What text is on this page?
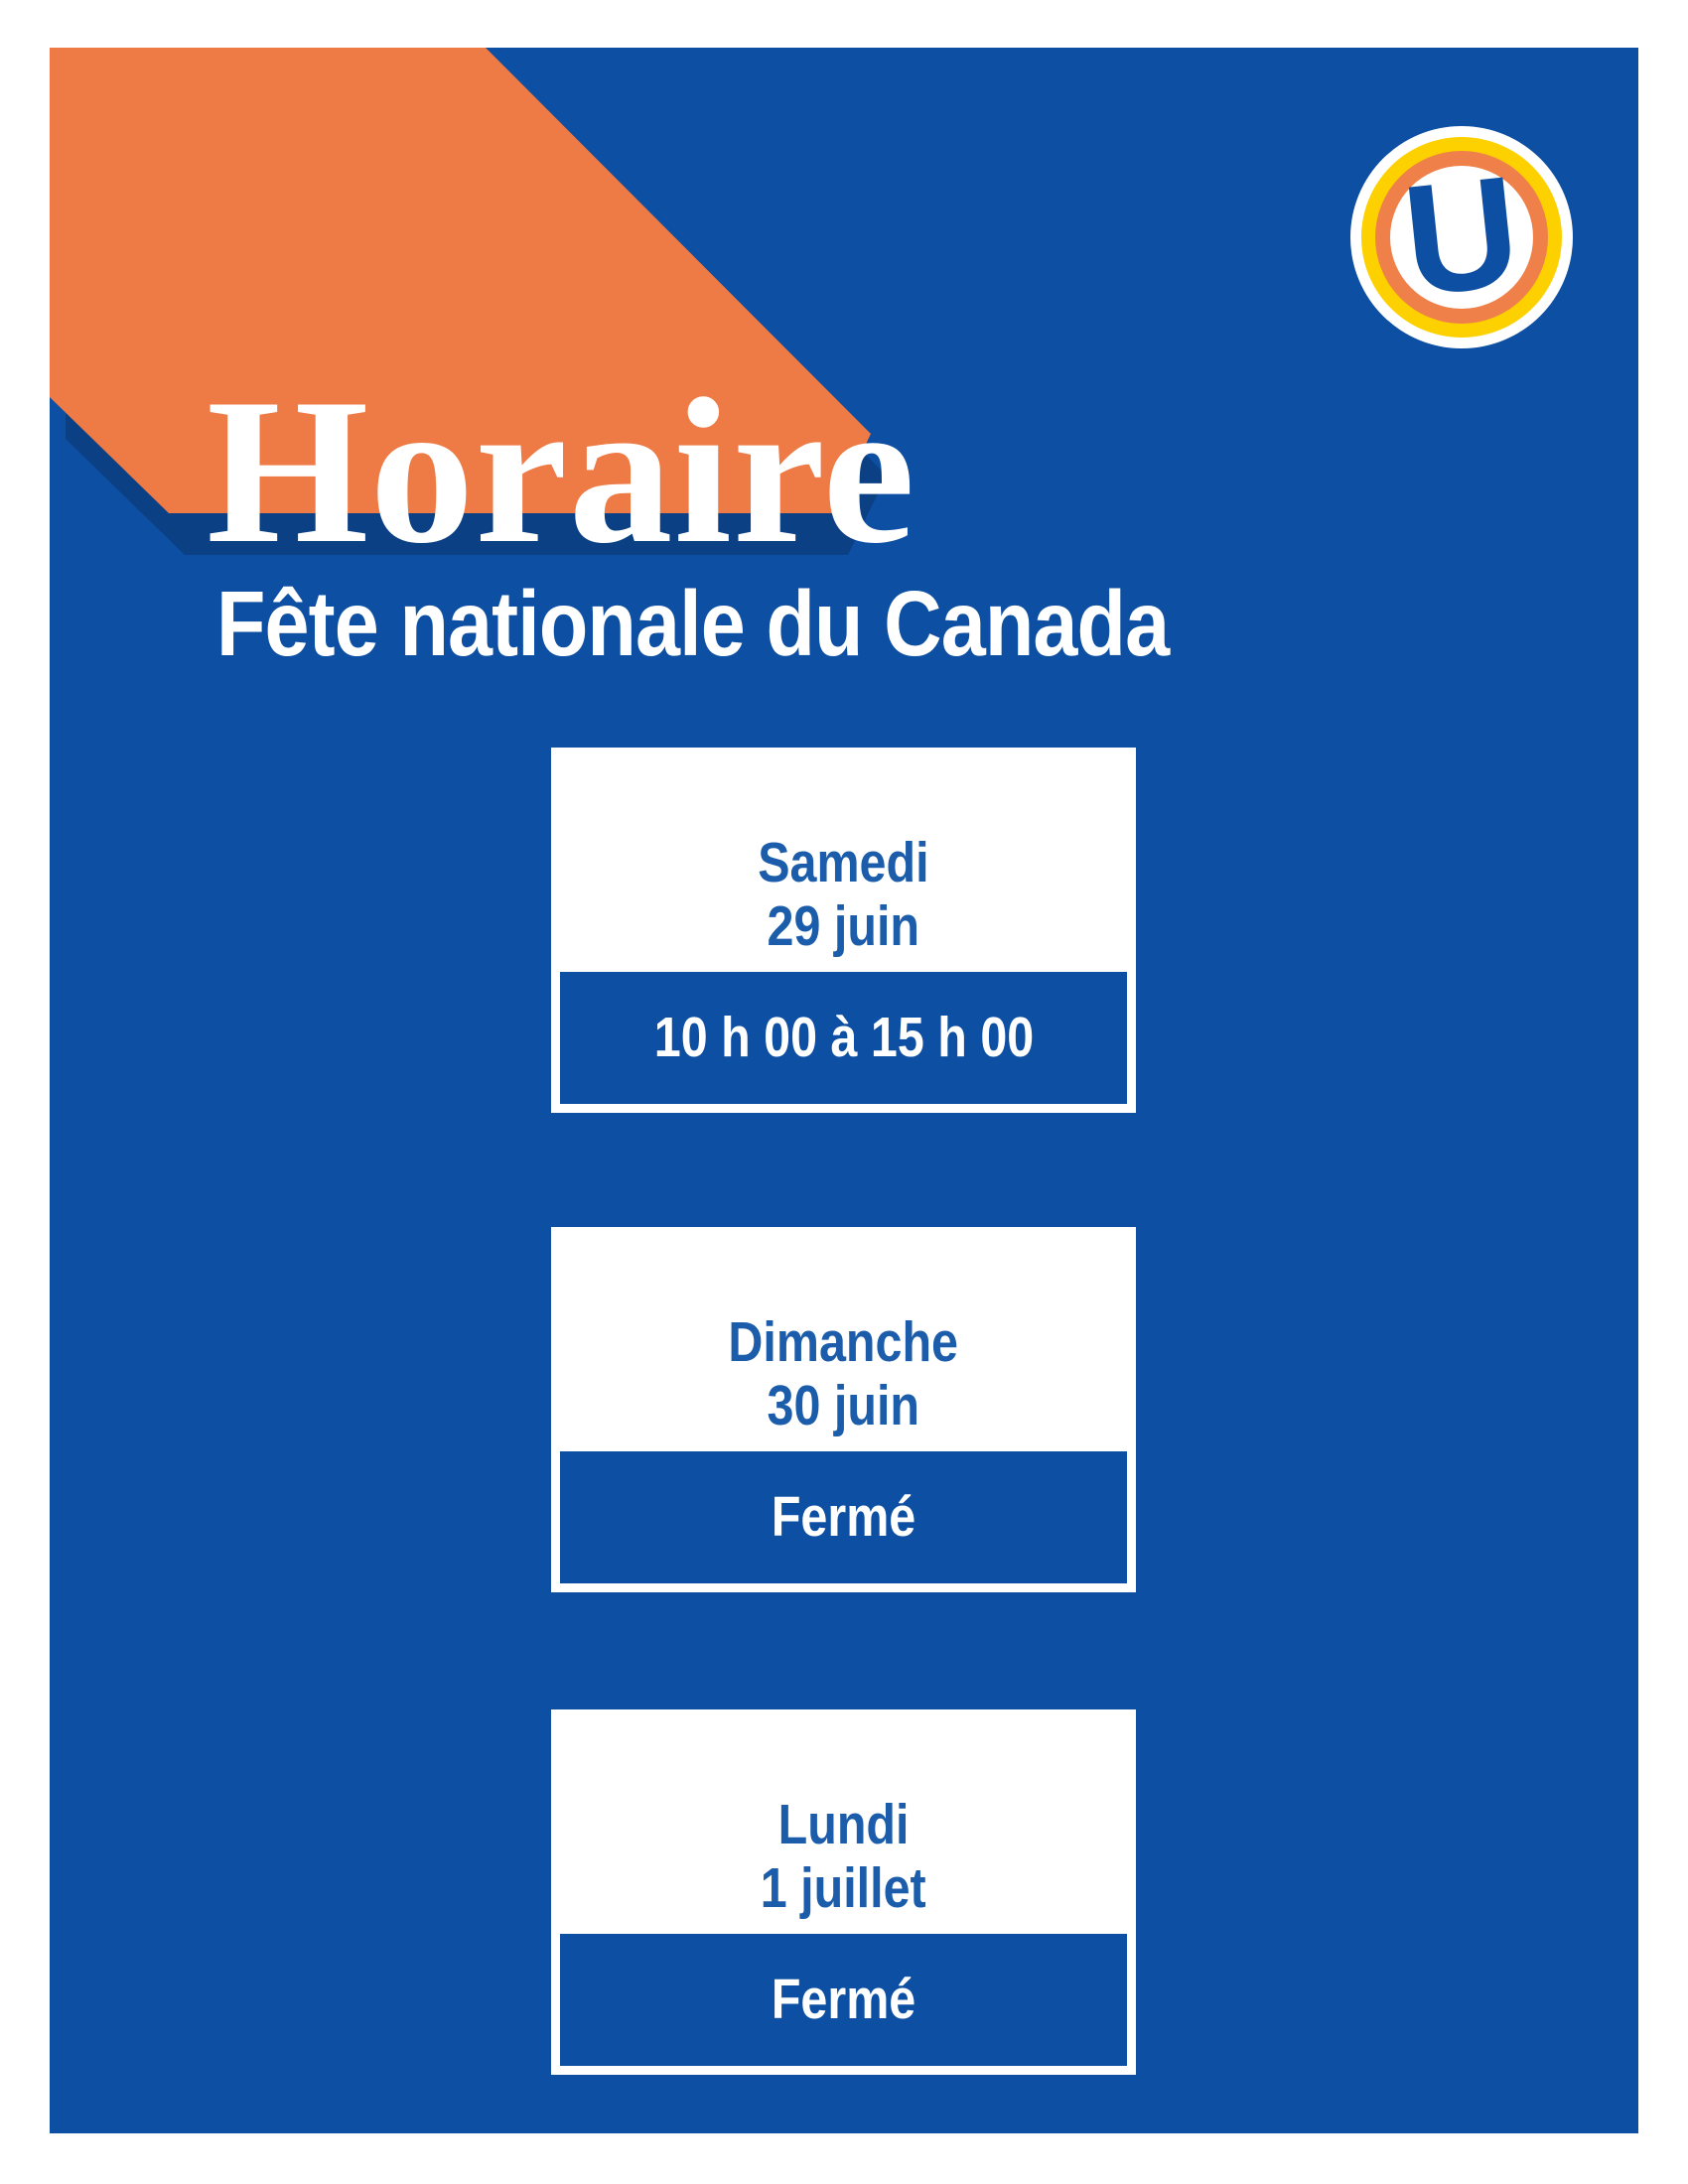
U
Horaire
Fête nationale du Canada
Samedi
29 juin
10 h 00 à 15 h 00
Dimanche
30 juin
Fermé
Lundi
1 juillet
Fermé
